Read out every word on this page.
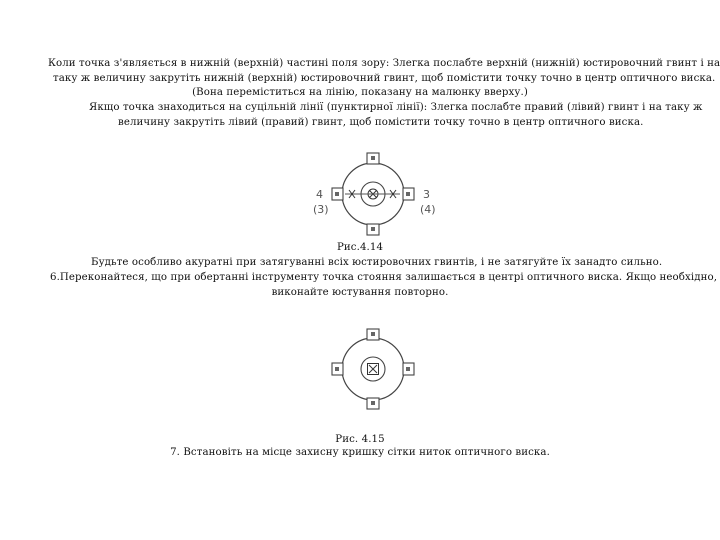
Коли точка з'являється в нижній (верхній) частині поля зору: Злегка послабте верхній (нижній) юстировочний гвинт і на
таку ж величину закрутіть нижній (верхній) юстировочний гвинт, щоб помістити точку точно в центр оптичного виска.
(Вона переміститься на лінію, показану на малюнку вверху.)
Якщо точка знаходиться на суцільній лінії (пунктирної лінії): Злегка послабте правий (лівий) гвинт і на таку ж
величину закрутіть лівий (правий) гвинт, щоб помістити точку точно в центр оптичного виска.
4
(3)
3
(4)
Рис.4.14
Будьте особливо акуратні при затягуванні всіх юстировочних гвинтів, і не затягуйте їх занадто сильно.
6.Переконайтеся, що при обертанні інструменту точка стояння залишається в центрі оптичного виска. Якщо необхідно,
виконайте юстування повторно.
Рис. 4.15
7. Встановіть на місце захисну кришку сітки ниток оптичного виска.
